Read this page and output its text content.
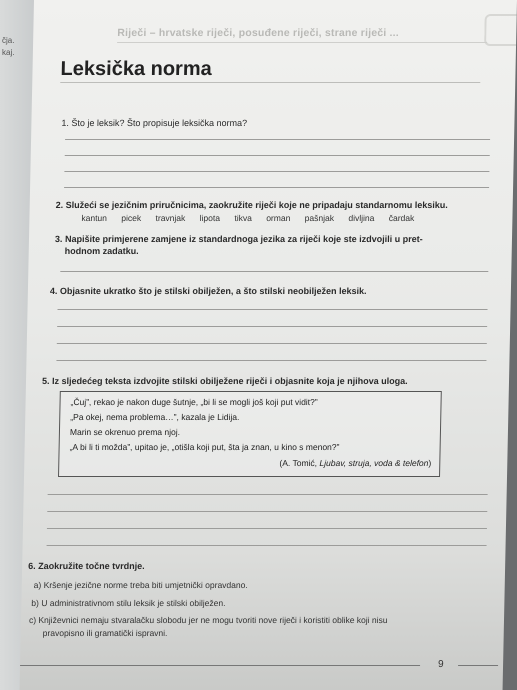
čja.
kaj.
Riječi – hrvatske riječi, posuđene riječi, strane riječi ...
Leksička norma
1. Što je leksik? Što propisuje leksička norma?
2. Služeći se jezičnim priručnicima, zaokružite riječi koje ne pripadaju standarnomu leksiku.
kantun picek travnjak lipota tikva orman pašnjak divljina čardak
3. Napišite primjerene zamjene iz standardnoga jezika za riječi koje ste izdvojili u pret-
hodnom zadatku.
4. Objasnite ukratko što je stilski obilježen, a što stilski neobilježen leksik.
5. Iz sljedećeg teksta izdvojite stilski obilježene riječi i objasnite koja je njihova uloga.
„Čuj”, rekao je nakon duge šutnje, „bi li se mogli još koji put vidit?”
„Pa okej, nema problema…”, kazala je Lidija.
Marin se okrenuo prema njoj.
„A bi li ti možda”, upitao je, „otišla koji put, šta ja znan, u kino s menon?”
(A. Tomić, Ljubav, struja, voda & telefon)
6. Zaokružite točne tvrdnje.
a) Kršenje jezične norme treba biti umjetnički opravdano.
b) U administrativnom stilu leksik je stilski obilježen.
c) Književnici nemaju stvaralačku slobodu jer ne mogu tvoriti nove riječi i koristiti oblike koji nisu
pravopisno ili gramatički ispravni.
9
